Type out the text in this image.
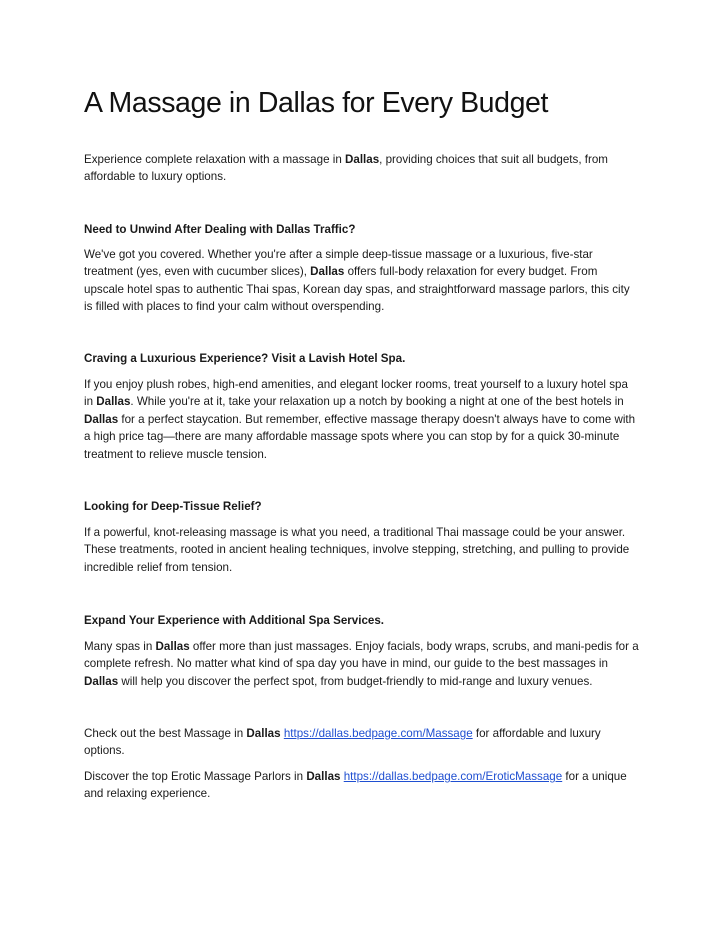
A Massage in Dallas for Every Budget

Experience complete relaxation with a massage in Dallas, providing choices that suit all budgets, from affordable to luxury options.

Need to Unwind After Dealing with Dallas Traffic?

We've got you covered. Whether you're after a simple deep-tissue massage or a luxurious, five-star treatment (yes, even with cucumber slices), Dallas offers full-body relaxation for every budget. From upscale hotel spas to authentic Thai spas, Korean day spas, and straightforward massage parlors, this city is filled with places to find your calm without overspending.

Craving a Luxurious Experience? Visit a Lavish Hotel Spa.

If you enjoy plush robes, high-end amenities, and elegant locker rooms, treat yourself to a luxury hotel spa in Dallas. While you're at it, take your relaxation up a notch by booking a night at one of the best hotels in Dallas for a perfect staycation. But remember, effective massage therapy doesn't always have to come with a high price tag—there are many affordable massage spots where you can stop by for a quick 30-minute treatment to relieve muscle tension.

Looking for Deep-Tissue Relief?

If a powerful, knot-releasing massage is what you need, a traditional Thai massage could be your answer. These treatments, rooted in ancient healing techniques, involve stepping, stretching, and pulling to provide incredible relief from tension.

Expand Your Experience with Additional Spa Services.

Many spas in Dallas offer more than just massages. Enjoy facials, body wraps, scrubs, and mani-pedis for a complete refresh. No matter what kind of spa day you have in mind, our guide to the best massages in Dallas will help you discover the perfect spot, from budget-friendly to mid-range and luxury venues.

Check out the best Massage in Dallas https://dallas.bedpage.com/Massage for affordable and luxury options.

Discover the top Erotic Massage Parlors in Dallas https://dallas.bedpage.com/EroticMassage for a unique and relaxing experience.
